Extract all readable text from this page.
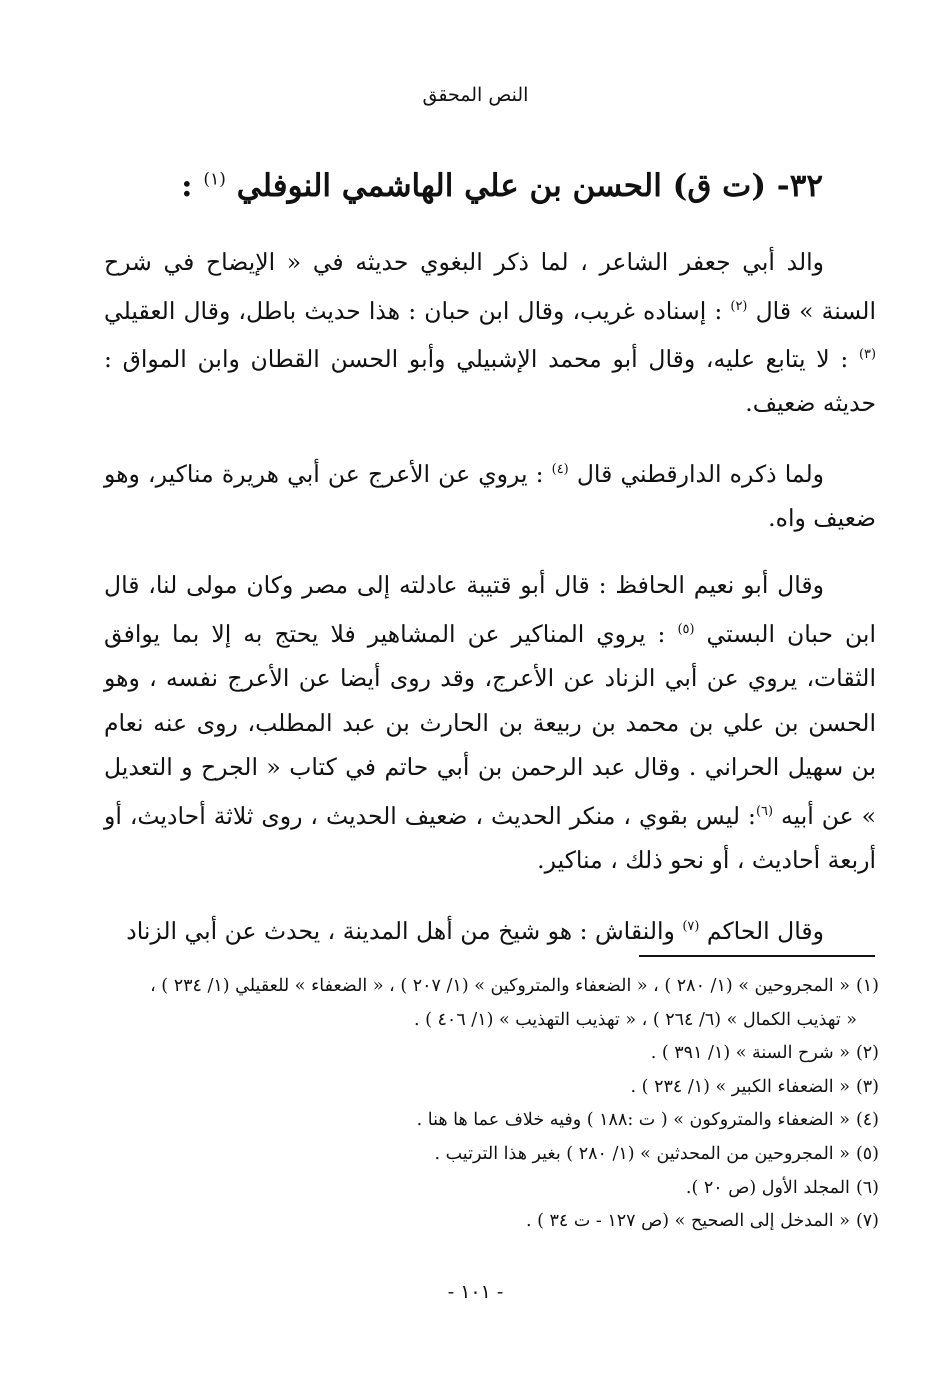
النص المحقق
٣٢- (ت ق) الحسن بن علي الهاشمي النوفلي $^{(١)}$ :

والد أبي جعفر الشاعر ، لما ذكر البغوي حديثه في « الإيضاح في شرح السنة » قال $^{(٢)}$ : إسناده غريب، وقال ابن حبان : هذا حديث باطل، وقال العقيلي $^{(٣)}$ : لا يتابع عليه، وقال أبو محمد الإشبيلي وأبو الحسن القطان وابن المواق : حديثه ضعيف.

ولما ذكره الدارقطني قال $^{(٤)}$ : يروي عن الأعرج عن أبي هريرة مناكير، وهو ضعيف واه.

وقال أبو نعيم الحافظ : قال أبو قتيبة عادلته إلى مصر وكان مولى لنا، قال ابن حبان البستي $^{(٥)}$ : يروي المناكير عن المشاهير فلا يحتج به إلا بما يوافق الثقات، يروي عن أبي الزناد عن الأعرج، وقد روى أيضا عن الأعرج نفسه ، وهو الحسن بن علي بن محمد بن ربيعة بن الحارث بن عبد المطلب، روى عنه نعام بن سهيل الحراني . وقال عبد الرحمن بن أبي حاتم في كتاب « الجرح و التعديل » عن أبيه $^{(٦)}$: ليس بقوي ، منكر الحديث ، ضعيف الحديث ، روى ثلاثة أحاديث، أو أربعة أحاديث ، أو نحو ذلك ، مناكير.

وقال الحاكم $^{(٧)}$ والنقاش : هو شيخ من أهل المدينة ، يحدث عن أبي الزناد

(١)« المجروحين » (١/ ٢٨٠ ) ، « الضعفاء والمتروكين » (١/ ٢٠٧ ) ، « الضعفاء » للعقيلي (١/ ٢٣٤ ) ،

« تهذيب الكمال » (٦/ ٢٦٤ ) ، « تهذيب التهذيب » (١/ ٤٠٦ ) .

(٢)« شرح السنة » (١/ ٣٩١ ) .

(٣)« الضعفاء الكبير » (١/ ٢٣٤ ) .

(٤)« الضعفاء والمتروكون » ( ت :١٨٨ ) وفيه خلاف عما ها هنا .

(٥)« المجروحين من المحدثين » (١/ ٢٨٠ ) بغير هذا الترتيب .

(٦)المجلد الأول (ص ٢٠ ).

(٧)« المدخل إلى الصحيح » (ص ١٢٧ - ت ٣٤ ) .

- ١٠١ -
